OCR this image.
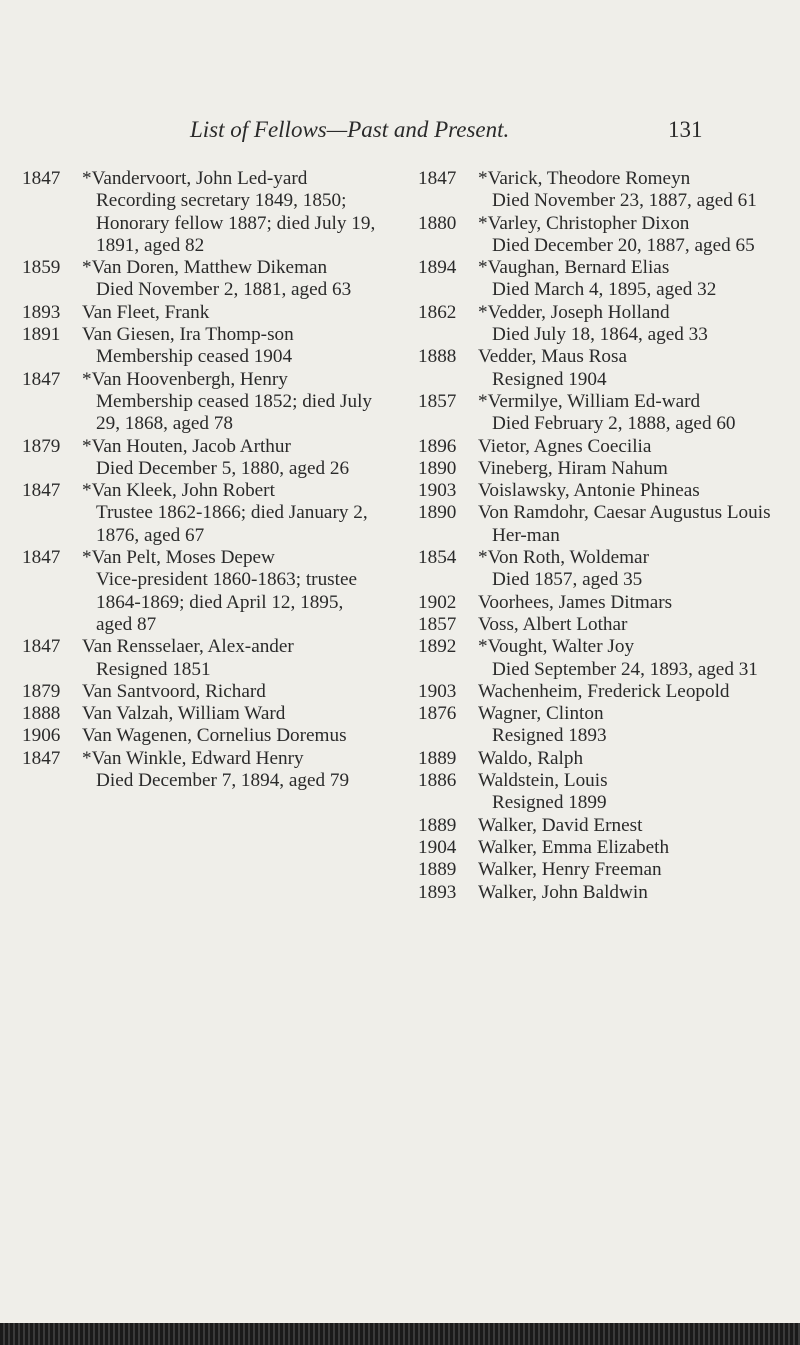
List of Fellows—Past and Present.	131
1847 *Vandervoort, John Led-yard
Recording secretary 1849, 1850; Honorary fellow 1887; died July 19, 1891, aged 82
1859 *Van Doren, Matthew Dikeman
Died November 2, 1881, aged 63
1893 Van Fleet, Frank
1891 Van Giesen, Ira Thomp-son
Membership ceased 1904
1847 *Van Hoovenbergh, Henry
Membership ceased 1852; died July 29, 1868, aged 78
1879 *Van Houten, Jacob Arthur
Died December 5, 1880, aged 26
1847 *Van Kleek, John Robert
Trustee 1862-1866; died January 2, 1876, aged 67
1847 *Van Pelt, Moses Depew
Vice-president 1860-1863; trustee 1864-1869; died April 12, 1895, aged 87
1847 Van Rensselaer, Alex-ander
Resigned 1851
1879 Van Santvoord, Richard
1888 Van Valzah, William Ward
1906 Van Wagenen, Cornelius Doremus
1847 *Van Winkle, Edward Henry
Died December 7, 1894, aged 79
1847 *Varick, Theodore Romeyn
Died November 23, 1887, aged 61
1880 *Varley, Christopher Dixon
Died December 20, 1887, aged 65
1894 *Vaughan, Bernard Elias
Died March 4, 1895, aged 32
1862 *Vedder, Joseph Holland
Died July 18, 1864, aged 33
1888 Vedder, Maus Rosa
Resigned 1904
1857 *Vermilye, William Ed-ward
Died February 2, 1888, aged 60
1896 Vietor, Agnes Coecilia
1890 Vineberg, Hiram Nahum
1903 Voislawsky, Antonie Phineas
1890 Von Ramdohr, Caesar Augustus Louis Her-man
1854 *Von Roth, Woldemar
Died 1857, aged 35
1902 Voorhees, James Ditmars
1857 Voss, Albert Lothar
1892 *Vought, Walter Joy
Died September 24, 1893, aged 31
1903 Wachenheim, Frederick Leopold
1876 Wagner, Clinton
Resigned 1893
1889 Waldo, Ralph
1886 Waldstein, Louis
Resigned 1899
1889 Walker, David Ernest
1904 Walker, Emma Elizabeth
1889 Walker, Henry Freeman
1893 Walker, John Baldwin
